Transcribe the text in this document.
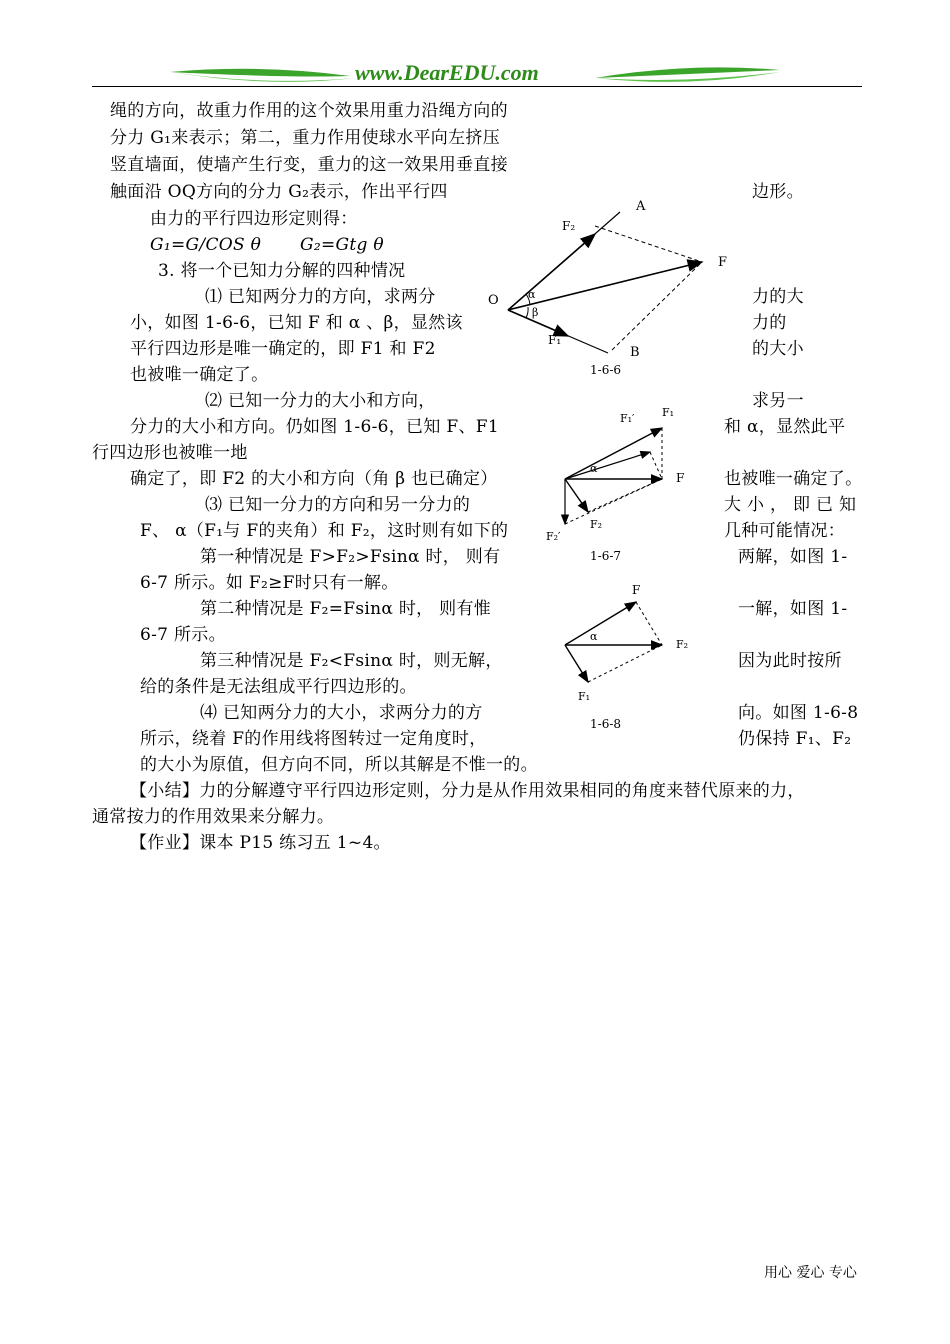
www.DearEDU.com
绳的方向，故重力作用的这个效果用重力沿绳方向的
分力 G₁来表示；第二，重力作用使球水平向左挤压
竖直墙面，使墙产生行变，重力的这一效果用垂直接
触面沿 OQ方向的分力 G₂表示，作出平行四	边形。
由力的平行四边形定则得：
G₁=G/COS θ G₂=Gtg θ
3. 将一个已知力分解的四种情况
⑴ 已知两分力的方向，求两分	力的大
小，如图 1-6-6，已知 F 和 α 、β，显然该	力的
平行四边形是唯一确定的，即 F1 和 F2	的大小
也被唯一确定了。
⑵ 已知一分力的大小和方向，	求另一
分力的大小和方向。仍如图 1-6-6，已知 F、F1	和 α，显然此平
行四边形也被唯一地
确定了，即 F2 的大小和方向（角 β 也已确定）	也被唯一确定了。
⑶ 已知一分力的方向和另一分力的	大 小 ， 即 已 知
F、 α（F₁与 F的夹角）和 F₂，这时则有如下的	几种可能情况：
第一种情况是 F>F₂>Fsinα 时， 则有	两解，如图 1-
6-7 所示。如 F₂≥F时只有一解。
第二种情况是 F₂=Fsinα 时， 则有惟	一解，如图 1-
6-7 所示。
第三种情况是 F₂<Fsinα 时，则无解，	因为此时按所
给的条件是无法组成平行四边形的。
⑷ 已知两分力的大小，求两分力的方	向。如图 1-6-8
所示，绕着 F的作用线将图转过一定角度时，	仍保持 F₁、F₂
的大小为原值，但方向不同，所以其解是不惟一的。
【小结】力的分解遵守平行四边形定则，分力是从作用效果相同的角度来替代原来的力，
通常按力的作用效果来分解力。
【作业】课本 P15 练习五 1~4。
A
B
O
F
F₂
F₁
α
β
1-6-6
F₁′ F₁
F
F₂
F₂′
α
1-6-7
F
F₂
F₁
α
1-6-8
用心 爱心 专心
